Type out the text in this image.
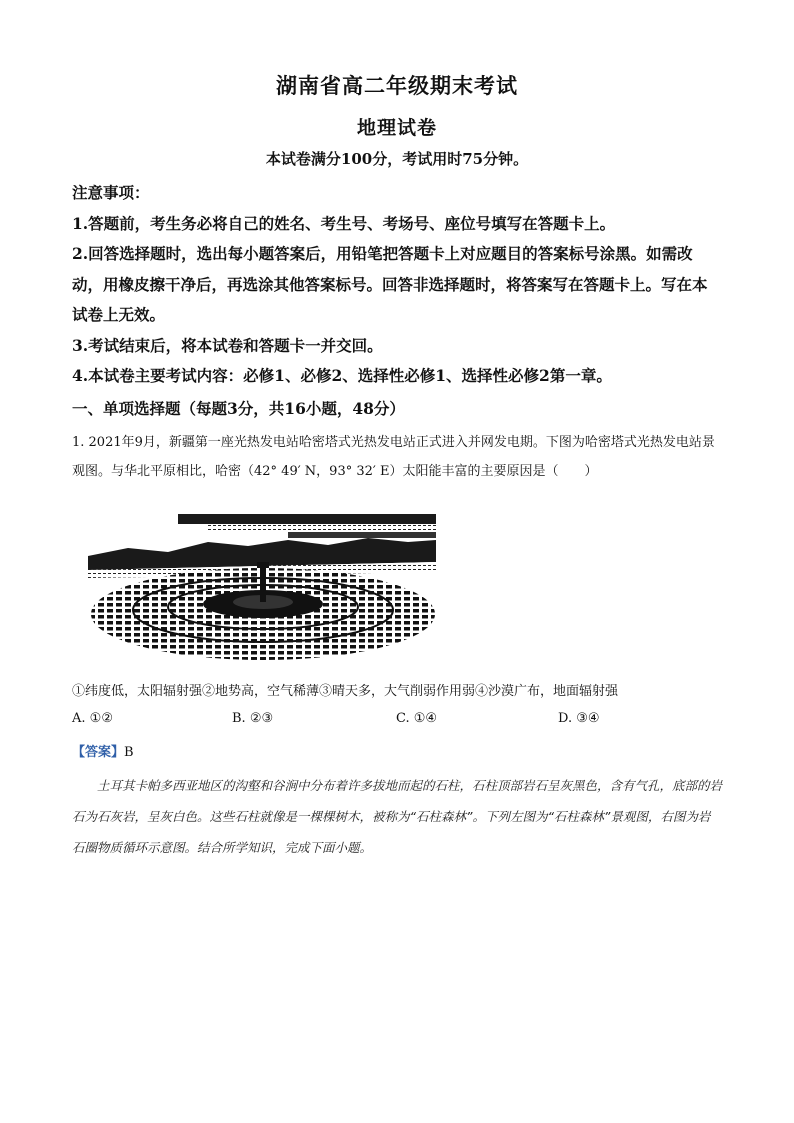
湖南省高二年级期末考试
地理试卷
本试卷满分100分，考试用时75分钟。

注意事项：

1.答题前，考生务必将自己的姓名、考生号、考场号、座位号填写在答题卡上。

2.回答选择题时，选出每小题答案后，用铅笔把答题卡上对应题目的答案标号涂黑。如需改动，用橡皮擦干净后，再选涂其他答案标号。回答非选择题时，将答案写在答题卡上。写在本试卷上无效。

3.考试结束后，将本试卷和答题卡一并交回。

4.本试卷主要考试内容：必修1、必修2、选择性必修1、选择性必修2第一章。

一、单项选择题（每题3分，共16小题，48分）

1. 2021年9月，新疆第一座光热发电站哈密塔式光热发电站正式进入并网发电期。下图为哈密塔式光热发电站景观图。与华北平原相比，哈密（42° 49′ N，93° 32′ E）太阳能丰富的主要原因是（　　）

①纬度低，太阳辐射强②地势高，空气稀薄③晴天多，大气削弱作用弱④沙漠广布，地面辐射强
A. ①②	B. ②③	C. ①④	D. ③④
【答案】B

土耳其卡帕多西亚地区的沟壑和谷涧中分布着许多拔地而起的石柱，石柱顶部岩石呈灰黑色，含有气孔，底部的岩石为石灰岩，呈灰白色。这些石柱就像是一棵棵树木，被称为“石柱森林”。下列左图为“石柱森林”景观图，右图为岩石圈物质循环示意图。结合所学知识，完成下面小题。
